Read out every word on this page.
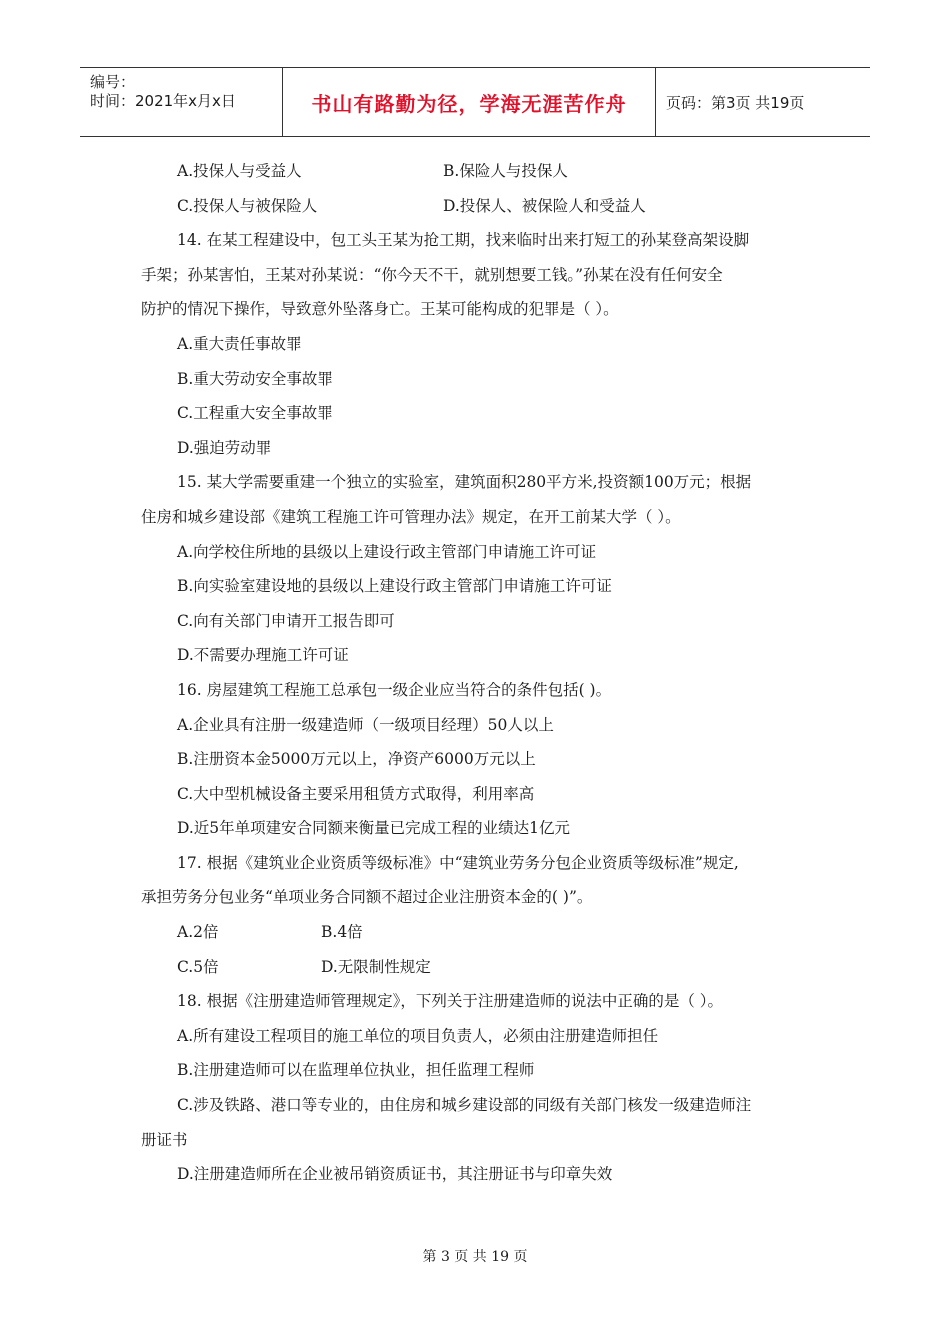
编号：
时间：2021年x月x日	书山有路勤为径，学海无涯苦作舟	页码：第3页 共19页
A.投保人与受益人	B.保险人与投保人
C.投保人与被保险人	D.投保人、被保险人和受益人
14. 在某工程建设中，包工头王某为抢工期，找来临时出来打短工的孙某登高架设脚
手架；孙某害怕，王某对孙某说：“你今天不干，就别想要工钱。”孙某在没有任何安全
防护的情况下操作，导致意外坠落身亡。王某可能构成的犯罪是（ ）。
A.重大责任事故罪
B.重大劳动安全事故罪
C.工程重大安全事故罪
D.强迫劳动罪
15. 某大学需要重建一个独立的实验室，建筑面积280平方米,投资额100万元；根据
住房和城乡建设部《建筑工程施工许可管理办法》规定，在开工前某大学（ ）。
A.向学校住所地的县级以上建设行政主管部门申请施工许可证
B.向实验室建设地的县级以上建设行政主管部门申请施工许可证
C.向有关部门申请开工报告即可
D.不需要办理施工许可证
16. 房屋建筑工程施工总承包一级企业应当符合的条件包括( )。
A.企业具有注册一级建造师（一级项目经理）50人以上
B.注册资本金5000万元以上，净资产6000万元以上
C.大中型机械设备主要采用租赁方式取得，利用率高
D.近5年单项建安合同额来衡量已完成工程的业绩达1亿元
17. 根据《建筑业企业资质等级标准》中“建筑业劳务分包企业资质等级标准”规定,
承担劳务分包业务“单项业务合同额不超过企业注册资本金的( )”。
A.2倍	B.4倍
C.5倍	D.无限制性规定
18. 根据《注册建造师管理规定》，下列关于注册建造师的说法中正确的是（ ）。
A.所有建设工程项目的施工单位的项目负责人，必须由注册建造师担任
B.注册建造师可以在监理单位执业，担任监理工程师
C.涉及铁路、港口等专业的，由住房和城乡建设部的同级有关部门核发一级建造师注
册证书
D.注册建造师所在企业被吊销资质证书，其注册证书与印章失效
第 3 页 共 19 页
